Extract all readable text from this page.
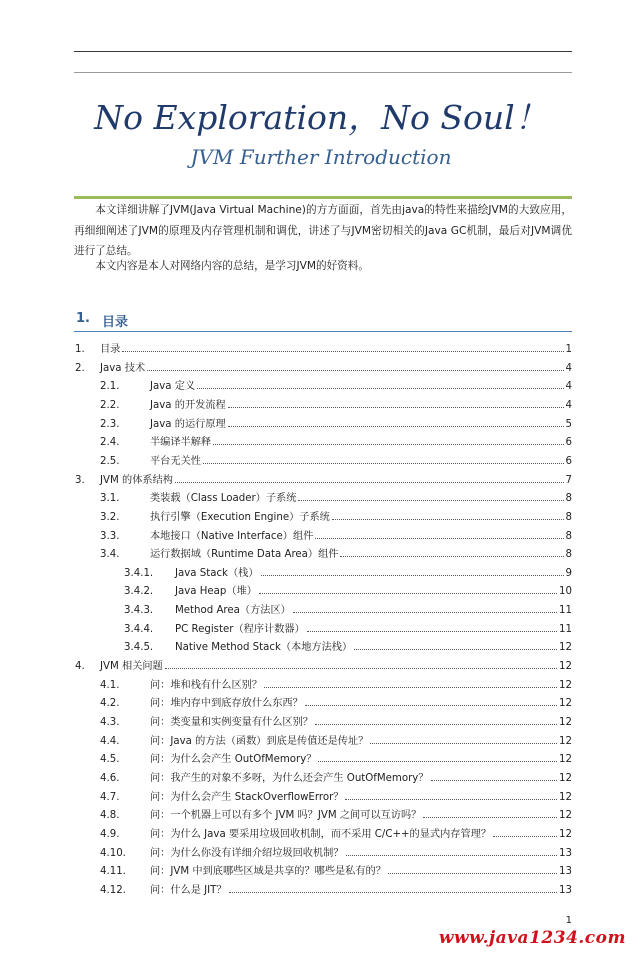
No Exploration，No Soul！
JVM Further Introduction
本文详细讲解了JVM(Java Virtual Machine)的方方面面，首先由java的特性来描绘JVM的大致应用，再细细阐述了JVM的原理及内存管理机制和调优，讲述了与JVM密切相关的Java GC机制，最后对JVM调优进行了总结。
本文内容是本人对网络内容的总结，是学习JVM的好资料。
1. 目录
1.	目录	1
2.	Java 技术	4
2.1.	Java 定义	4
2.2.	Java 的开发流程	4
2.3.	Java 的运行原理	5
2.4.	半编译半解释	6
2.5.	平台无关性	6
3.	JVM 的体系结构	7
3.1.	类装载（Class Loader）子系统	8
3.2.	执行引擎（Execution Engine）子系统	8
3.3.	本地接口（Native Interface）组件	8
3.4.	运行数据域（Runtime Data Area）组件	8
3.4.1.	Java Stack（栈）	9
3.4.2.	Java Heap（堆）	10
3.4.3.	Method Area（方法区）	11
3.4.4.	PC Register（程序计数器）	11
3.4.5.	Native Method Stack（本地方法栈）	12
4.	JVM 相关问题	12
4.1.	问：堆和栈有什么区别？	12
4.2.	问：堆内存中到底存放什么东西？	12
4.3.	问：类变量和实例变量有什么区别？	12
4.4.	问：Java 的方法（函数）到底是传值还是传址？	12
4.5.	问：为什么会产生 OutOfMemory？	12
4.6.	问：我产生的对象不多呀，为什么还会产生 OutOfMemory？	12
4.7.	问：为什么会产生 StackOverflowError？	12
4.8.	问：一个机器上可以有多个 JVM 吗？JVM 之间可以互访吗？	12
4.9.	问：为什么 Java 要采用垃圾回收机制，而不采用 C/C++的显式内存管理？	12
4.10.	问：为什么你没有详细介绍垃圾回收机制？	13
4.11.	问：JVM 中到底哪些区域是共享的？哪些是私有的？	13
4.12.	问：什么是 JIT？	13
1
www.java1234.com
